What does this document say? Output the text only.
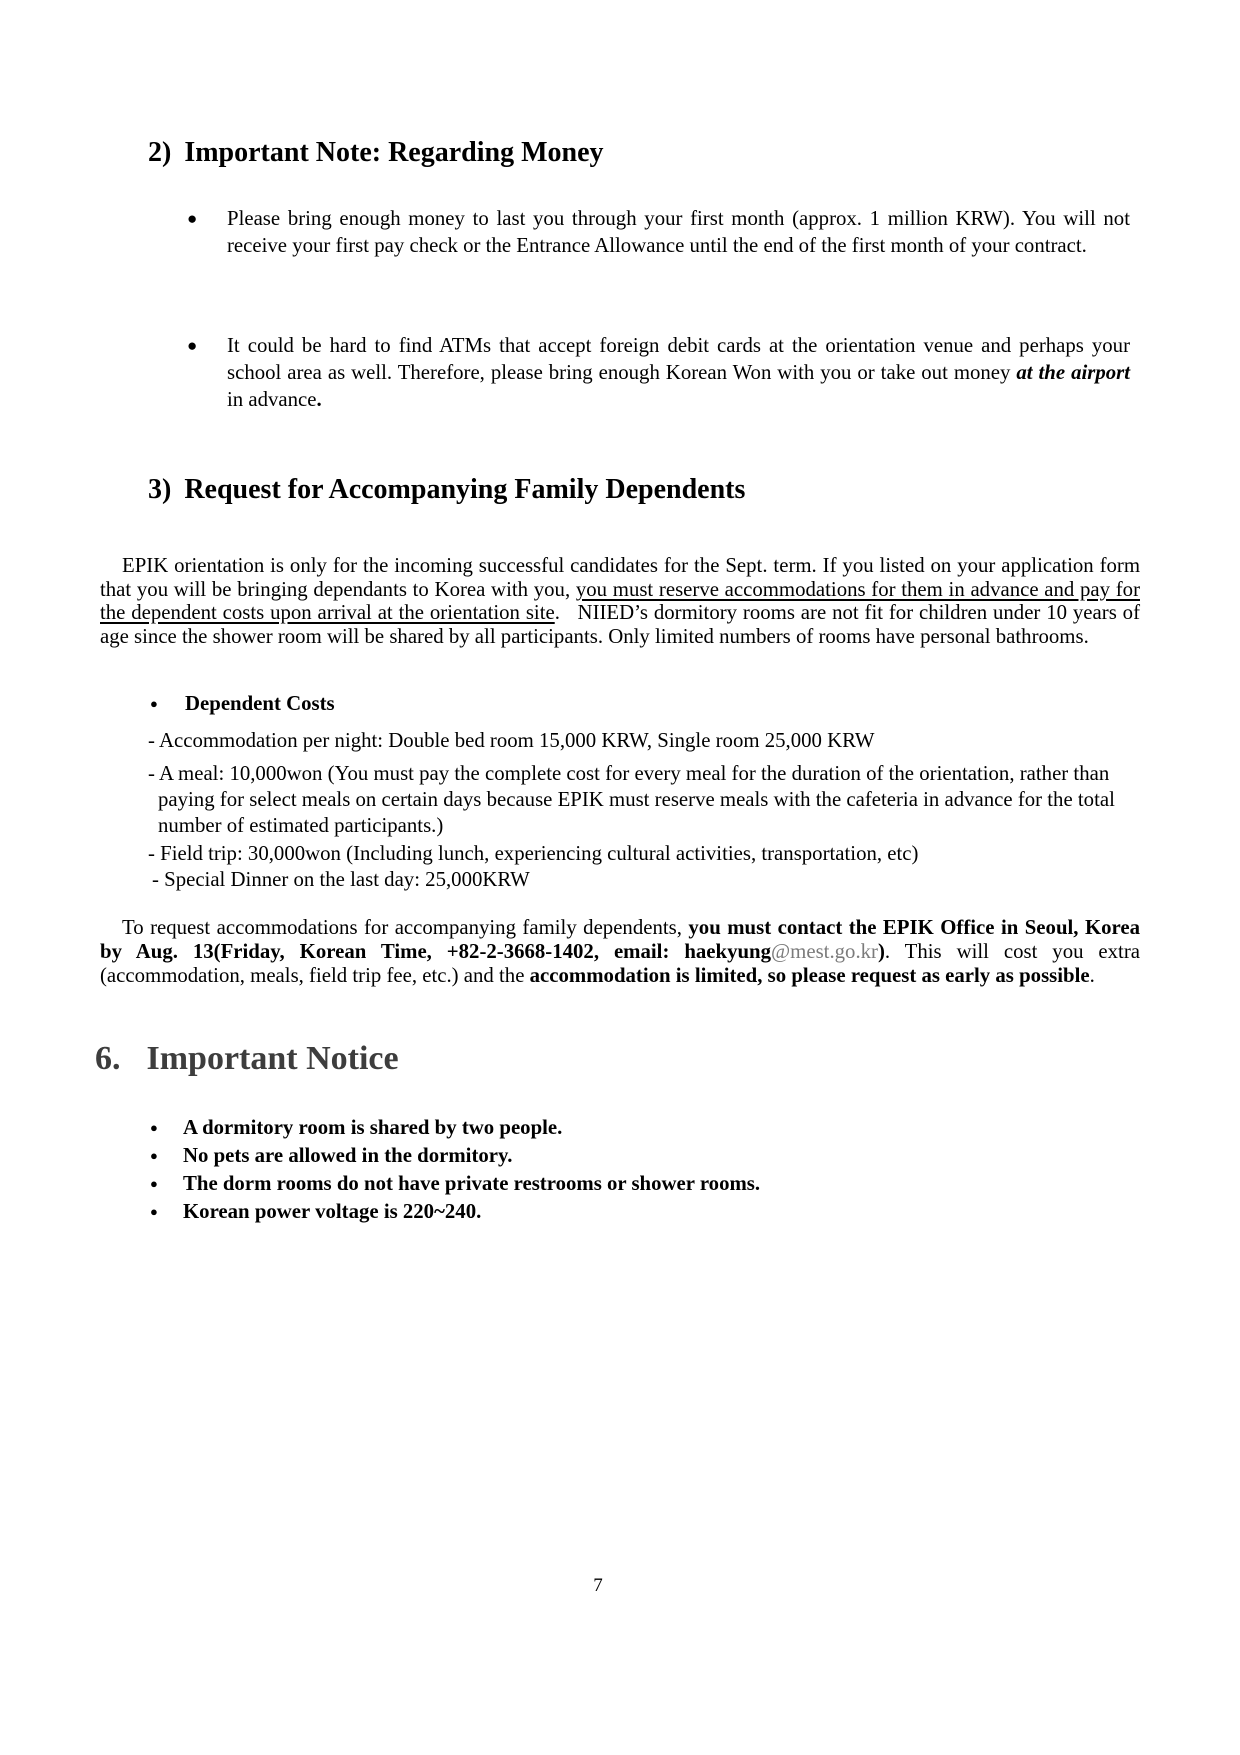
2) Important Note: Regarding Money
● Please bring enough money to last you through your first month (approx. 1 million KRW). You will not receive your first pay check or the Entrance Allowance until the end of the first month of your contract.
● It could be hard to find ATMs that accept foreign debit cards at the orientation venue and perhaps your school area as well. Therefore, please bring enough Korean Won with you or take out money at the airport in advance.
3) Request for Accompanying Family Dependents
EPIK orientation is only for the incoming successful candidates for the Sept. term. If you listed on your application form that you will be bringing dependants to Korea with you, you must reserve accommodations for them in advance and pay for the dependent costs upon arrival at the orientation site.   NIIED’s dormitory rooms are not fit for children under 10 years of age since the shower room will be shared by all participants. Only limited numbers of rooms have personal bathrooms.
● Dependent Costs
- Accommodation per night: Double bed room 15,000 KRW, Single room 25,000 KRW
- A meal: 10,000won (You must pay the complete cost for every meal for the duration of the orientation, rather than paying for select meals on certain days because EPIK must reserve meals with the cafeteria in advance for the total number of estimated participants.)
- Field trip: 30,000won (Including lunch, experiencing cultural activities, transportation, etc)
- Special Dinner on the last day: 25,000KRW
To request accommodations for accompanying family dependents, you must contact the EPIK Office in Seoul, Korea by Aug. 13(Friday, Korean Time, +82-2-3668-1402, email: haekyung@mest.go.kr). This will cost you extra (accommodation, meals, field trip fee, etc.) and the accommodation is limited, so please request as early as possible.
6. Important Notice
● A dormitory room is shared by two people.
● No pets are allowed in the dormitory.
● The dorm rooms do not have private restrooms or shower rooms.
● Korean power voltage is 220~240.
7
